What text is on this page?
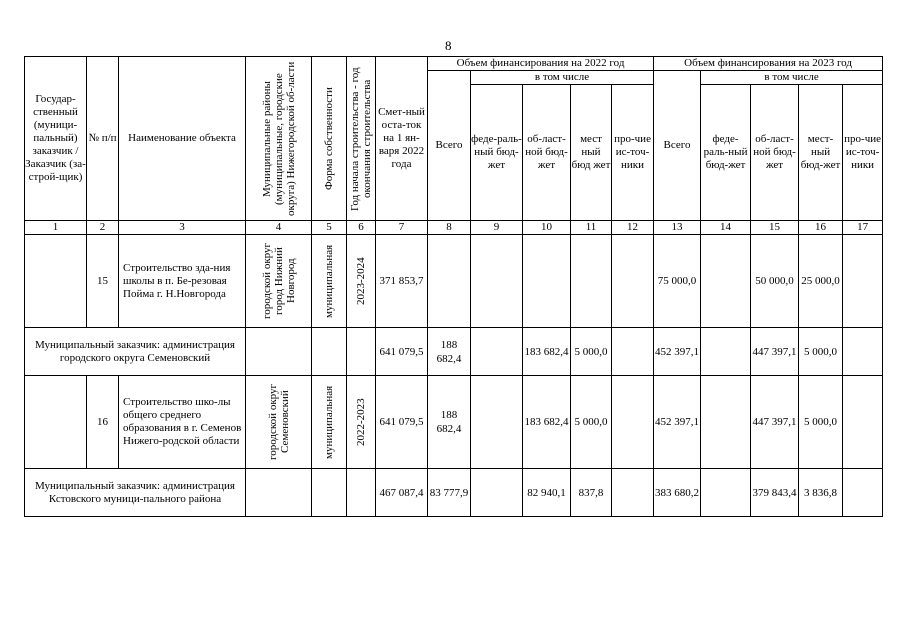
8
Государ-ственный (муници-пальный) заказчик / Заказчик (за-строй-щик)	№ п/п	Наименование объекта	Муниципальные районы (муниципальные, городские округа) Нижегородской об-ласти	Форма собственности	Год начала строительства - год окончания строительства	Смет-ный оста-ток на 1 ян-варя 2022 года	Объем финансирования на 2022 год					Объем финансирования на 2023 год				
							Всего	в том числе				Всего	в том числе			
								феде-раль-ный бюд-жет	об-ласт-ной бюд-жет	мест ный бюд жет	про-чие ис-точ-ники		феде-раль-ный бюд-жет	об-ласт-ной бюд-жет	мест-ный бюд-жет	про-чие ис-точ-ники
1	2	3	4	5	6	7	8	9	10	11	12	13	14	15	16	17
	15	Строительство зда-ния школы в п. Бе-резовая Пойма г. Н.Новгорода	городской округ город Нижний Новгород	муниципальная	2023-2024	371 853,7						75 000,0		50 000,0	25 000,0	
Муниципальный заказчик: администрация городского округа Семеновский						641 079,5	188 682,4		183 682,4	5 000,0		452 397,1		447 397,1	5 000,0	
	16	Строительство шко-лы общего среднего образования в г. Семенов Нижего-родской области	городской округ Семеновский	муниципальная	2022-2023	641 079,5	188 682,4		183 682,4	5 000,0		452 397,1		447 397,1	5 000,0	
Муниципальный заказчик: администрация Кстовского муници-пального района						467 087,4	83 777,9		82 940,1	837,8		383 680,2		379 843,4	3 836,8	
